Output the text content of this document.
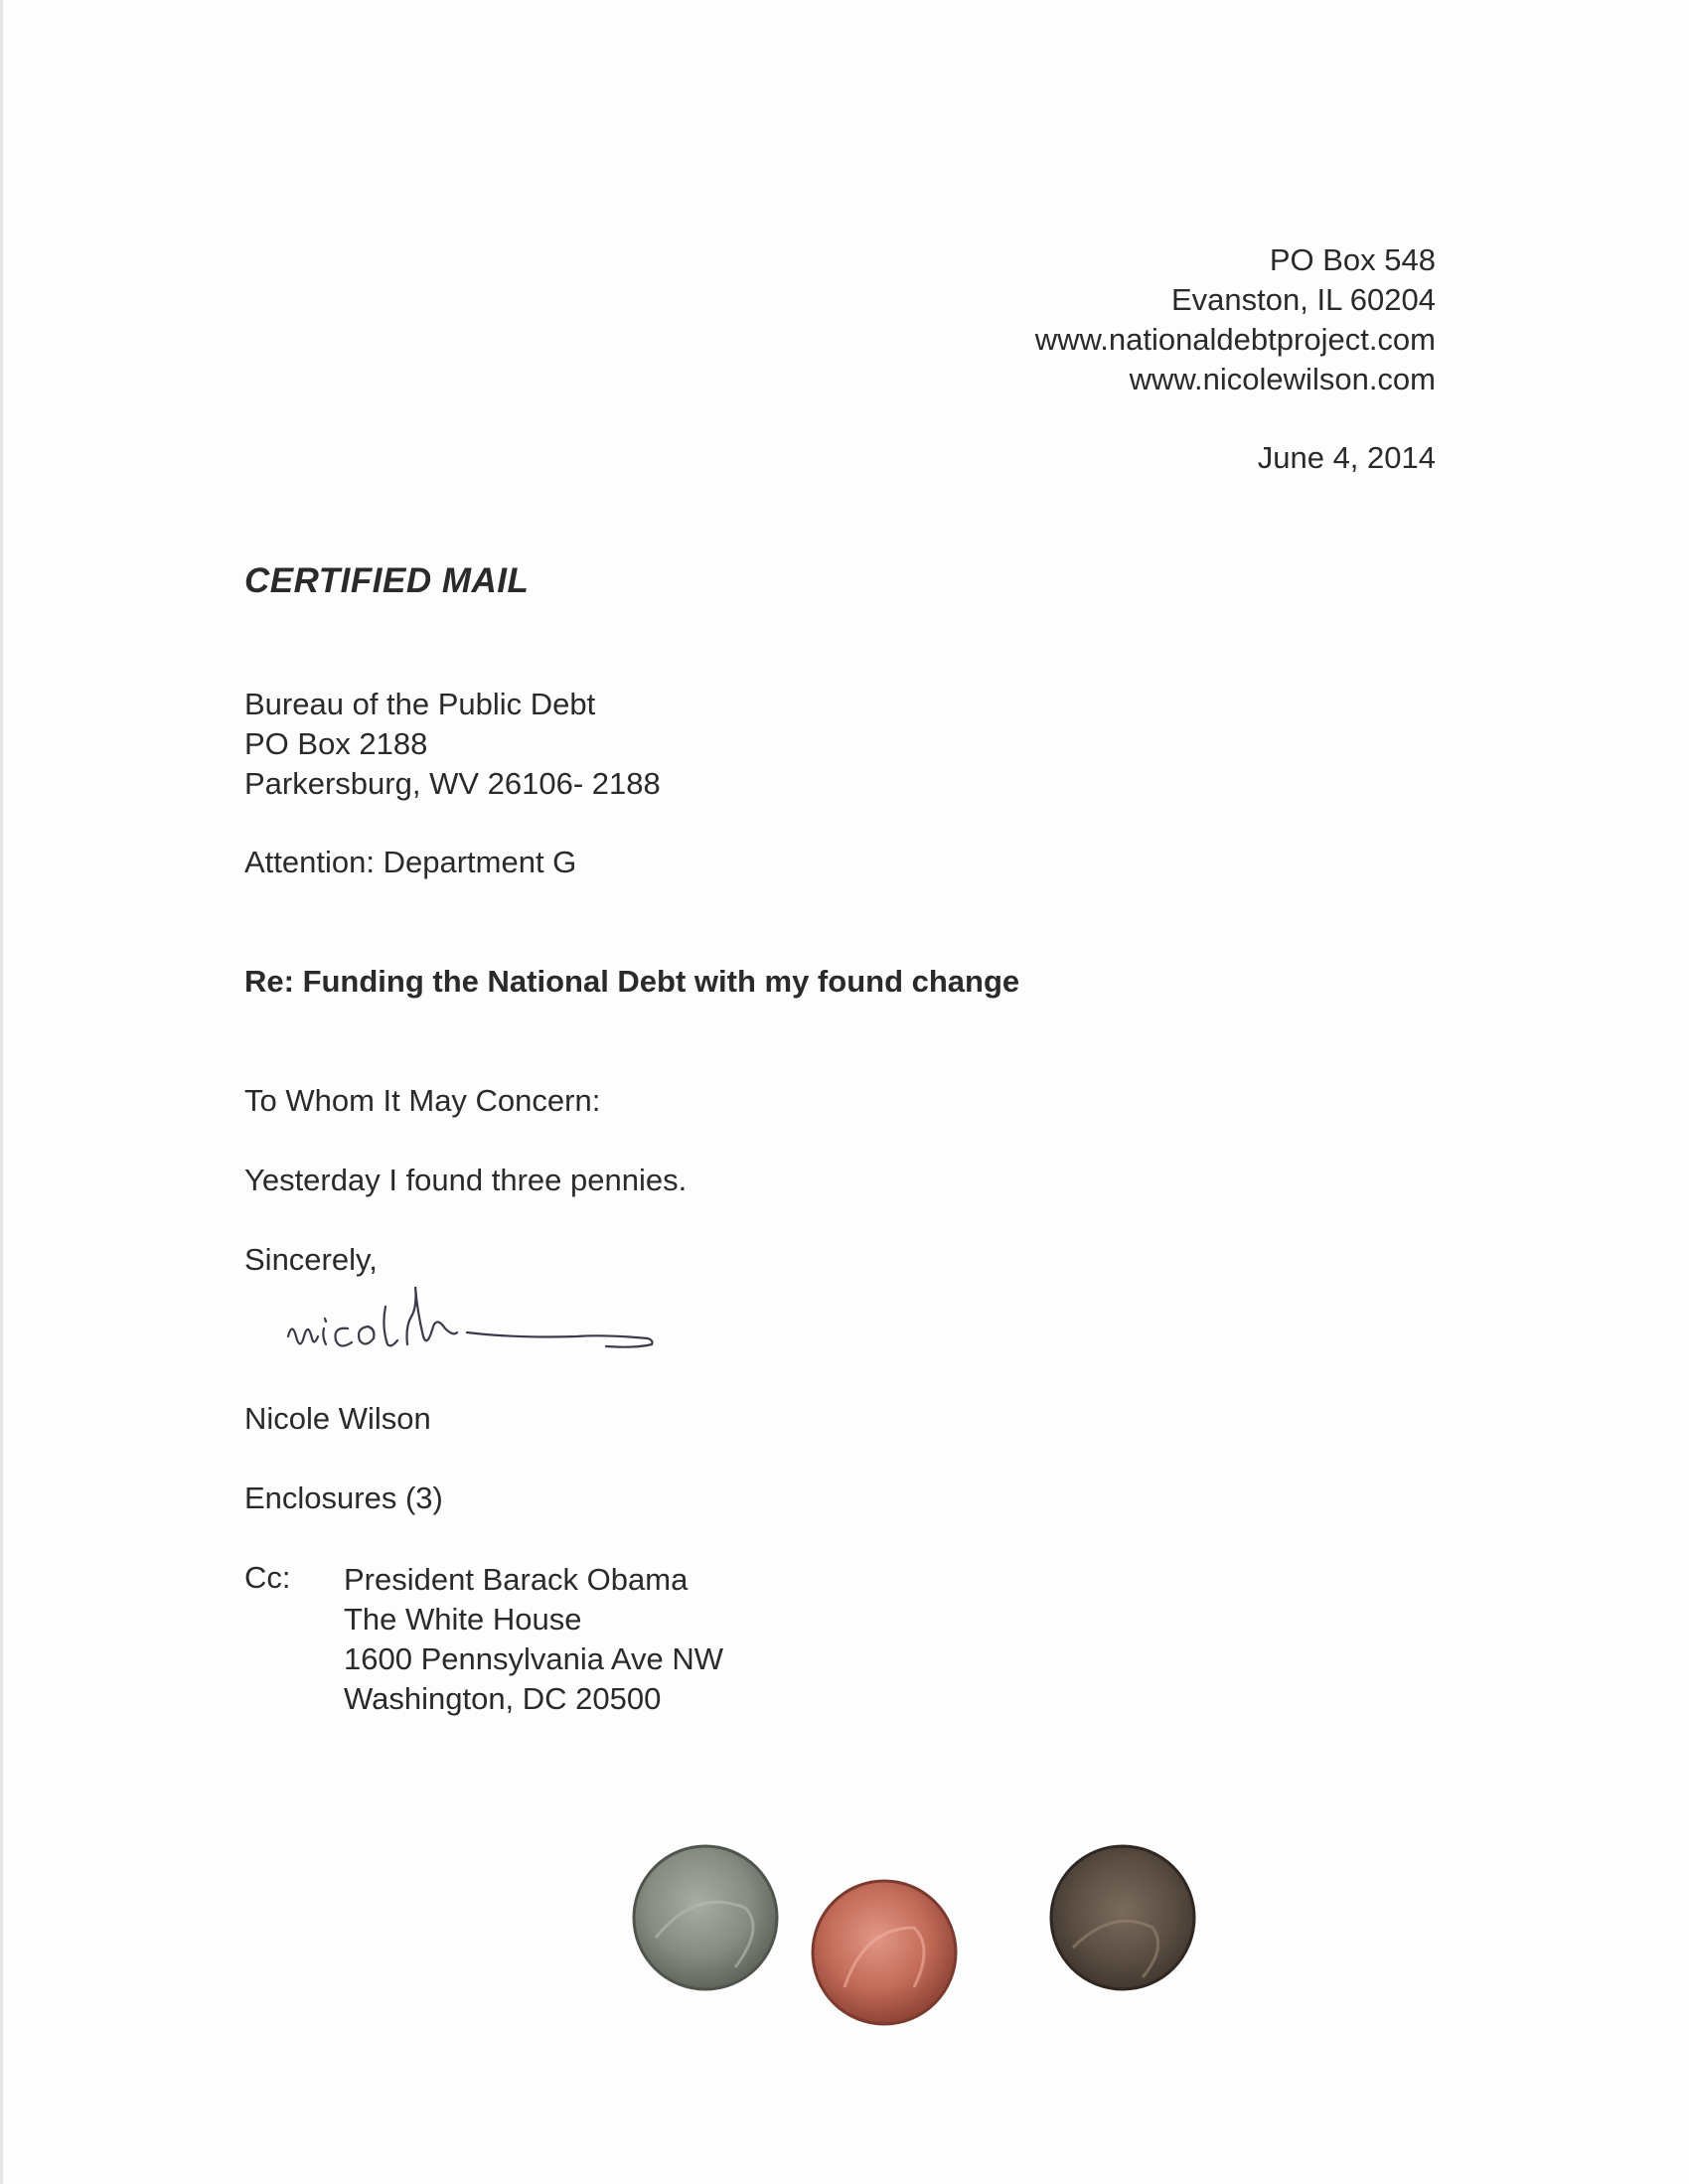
PO Box 548
Evanston, IL 60204
www.nationaldebtproject.com
www.nicolewilson.com
June 4, 2014
CERTIFIED MAIL
Bureau of the Public Debt
PO Box 2188
Parkersburg, WV 26106- 2188
Attention: Department G
Re: Funding the National Debt with my found change
To Whom It May Concern:
Yesterday I found three pennies.
Sincerely,
Nicole Wilson
Enclosures (3)
Cc: President Barack Obama
The White House
1600 Pennsylvania Ave NW
Washington, DC 20500
